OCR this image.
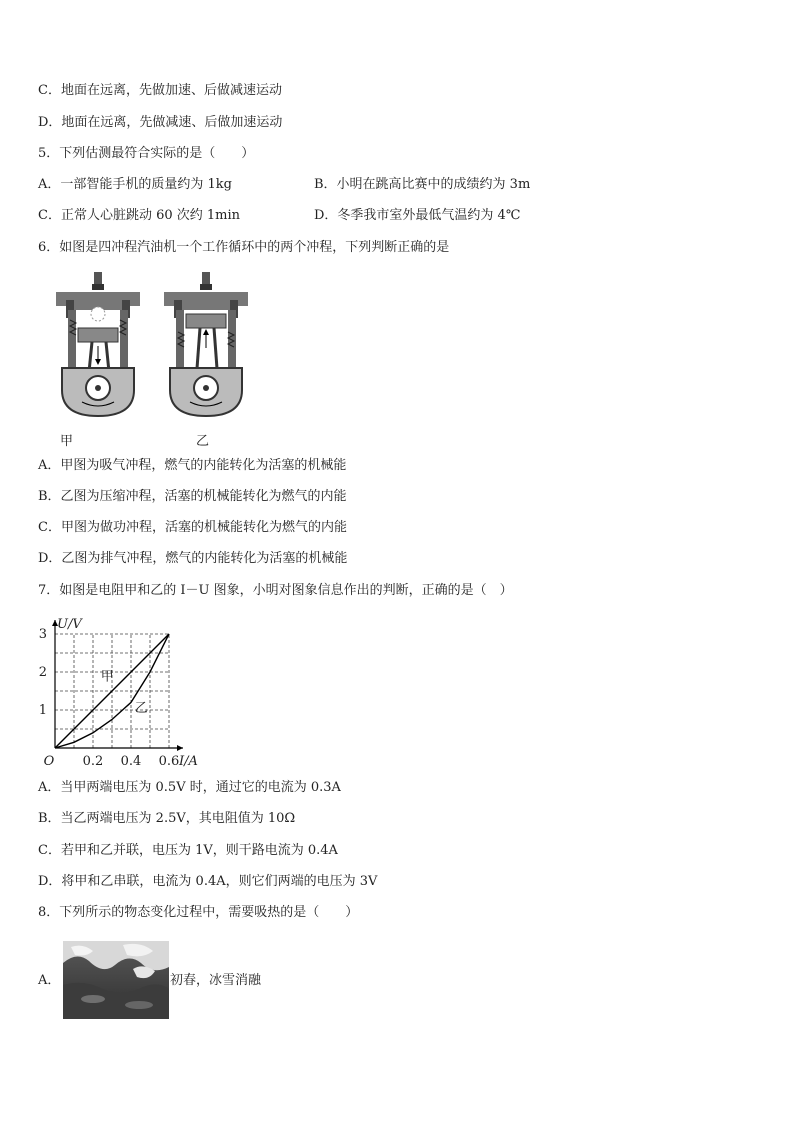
C．地面在远离，先做加速、后做减速运动
D．地面在远离，先做减速、后做加速运动
5．下列估测最符合实际的是（　　）
A．一部智能手机的质量约为 1kg	B．小明在跳高比赛中的成绩约为 3m
C．正常人心脏跳动 60 次约 1min	D．冬季我市室外最低气温约为 4℃
6．如图是四冲程汽油机一个工作循环中的两个冲程，下列判断正确的是
甲	乙
A．甲图为吸气冲程，燃气的内能转化为活塞的机械能
B．乙图为压缩冲程，活塞的机械能转化为燃气的内能
C．甲图为做功冲程，活塞的机械能转化为燃气的内能
D．乙图为排气冲程，燃气的内能转化为活塞的机械能
7．如图是电阻甲和乙的 I－U 图象，小明对图象信息作出的判断，正确的是（　）
0.2 0.4 0.6
1
2
3
O
U/V
I/A
甲
乙
A．当甲两端电压为 0.5V 时，通过它的电流为 0.3A
B．当乙两端电压为 2.5V，其电阻值为 10Ω
C．若甲和乙并联，电压为 1V，则干路电流为 0.4A
D．将甲和乙串联，电流为 0.4A，则它们两端的电压为 3V
8．下列所示的物态变化过程中，需要吸热的是（　　）
A．	初春，冰雪消融
